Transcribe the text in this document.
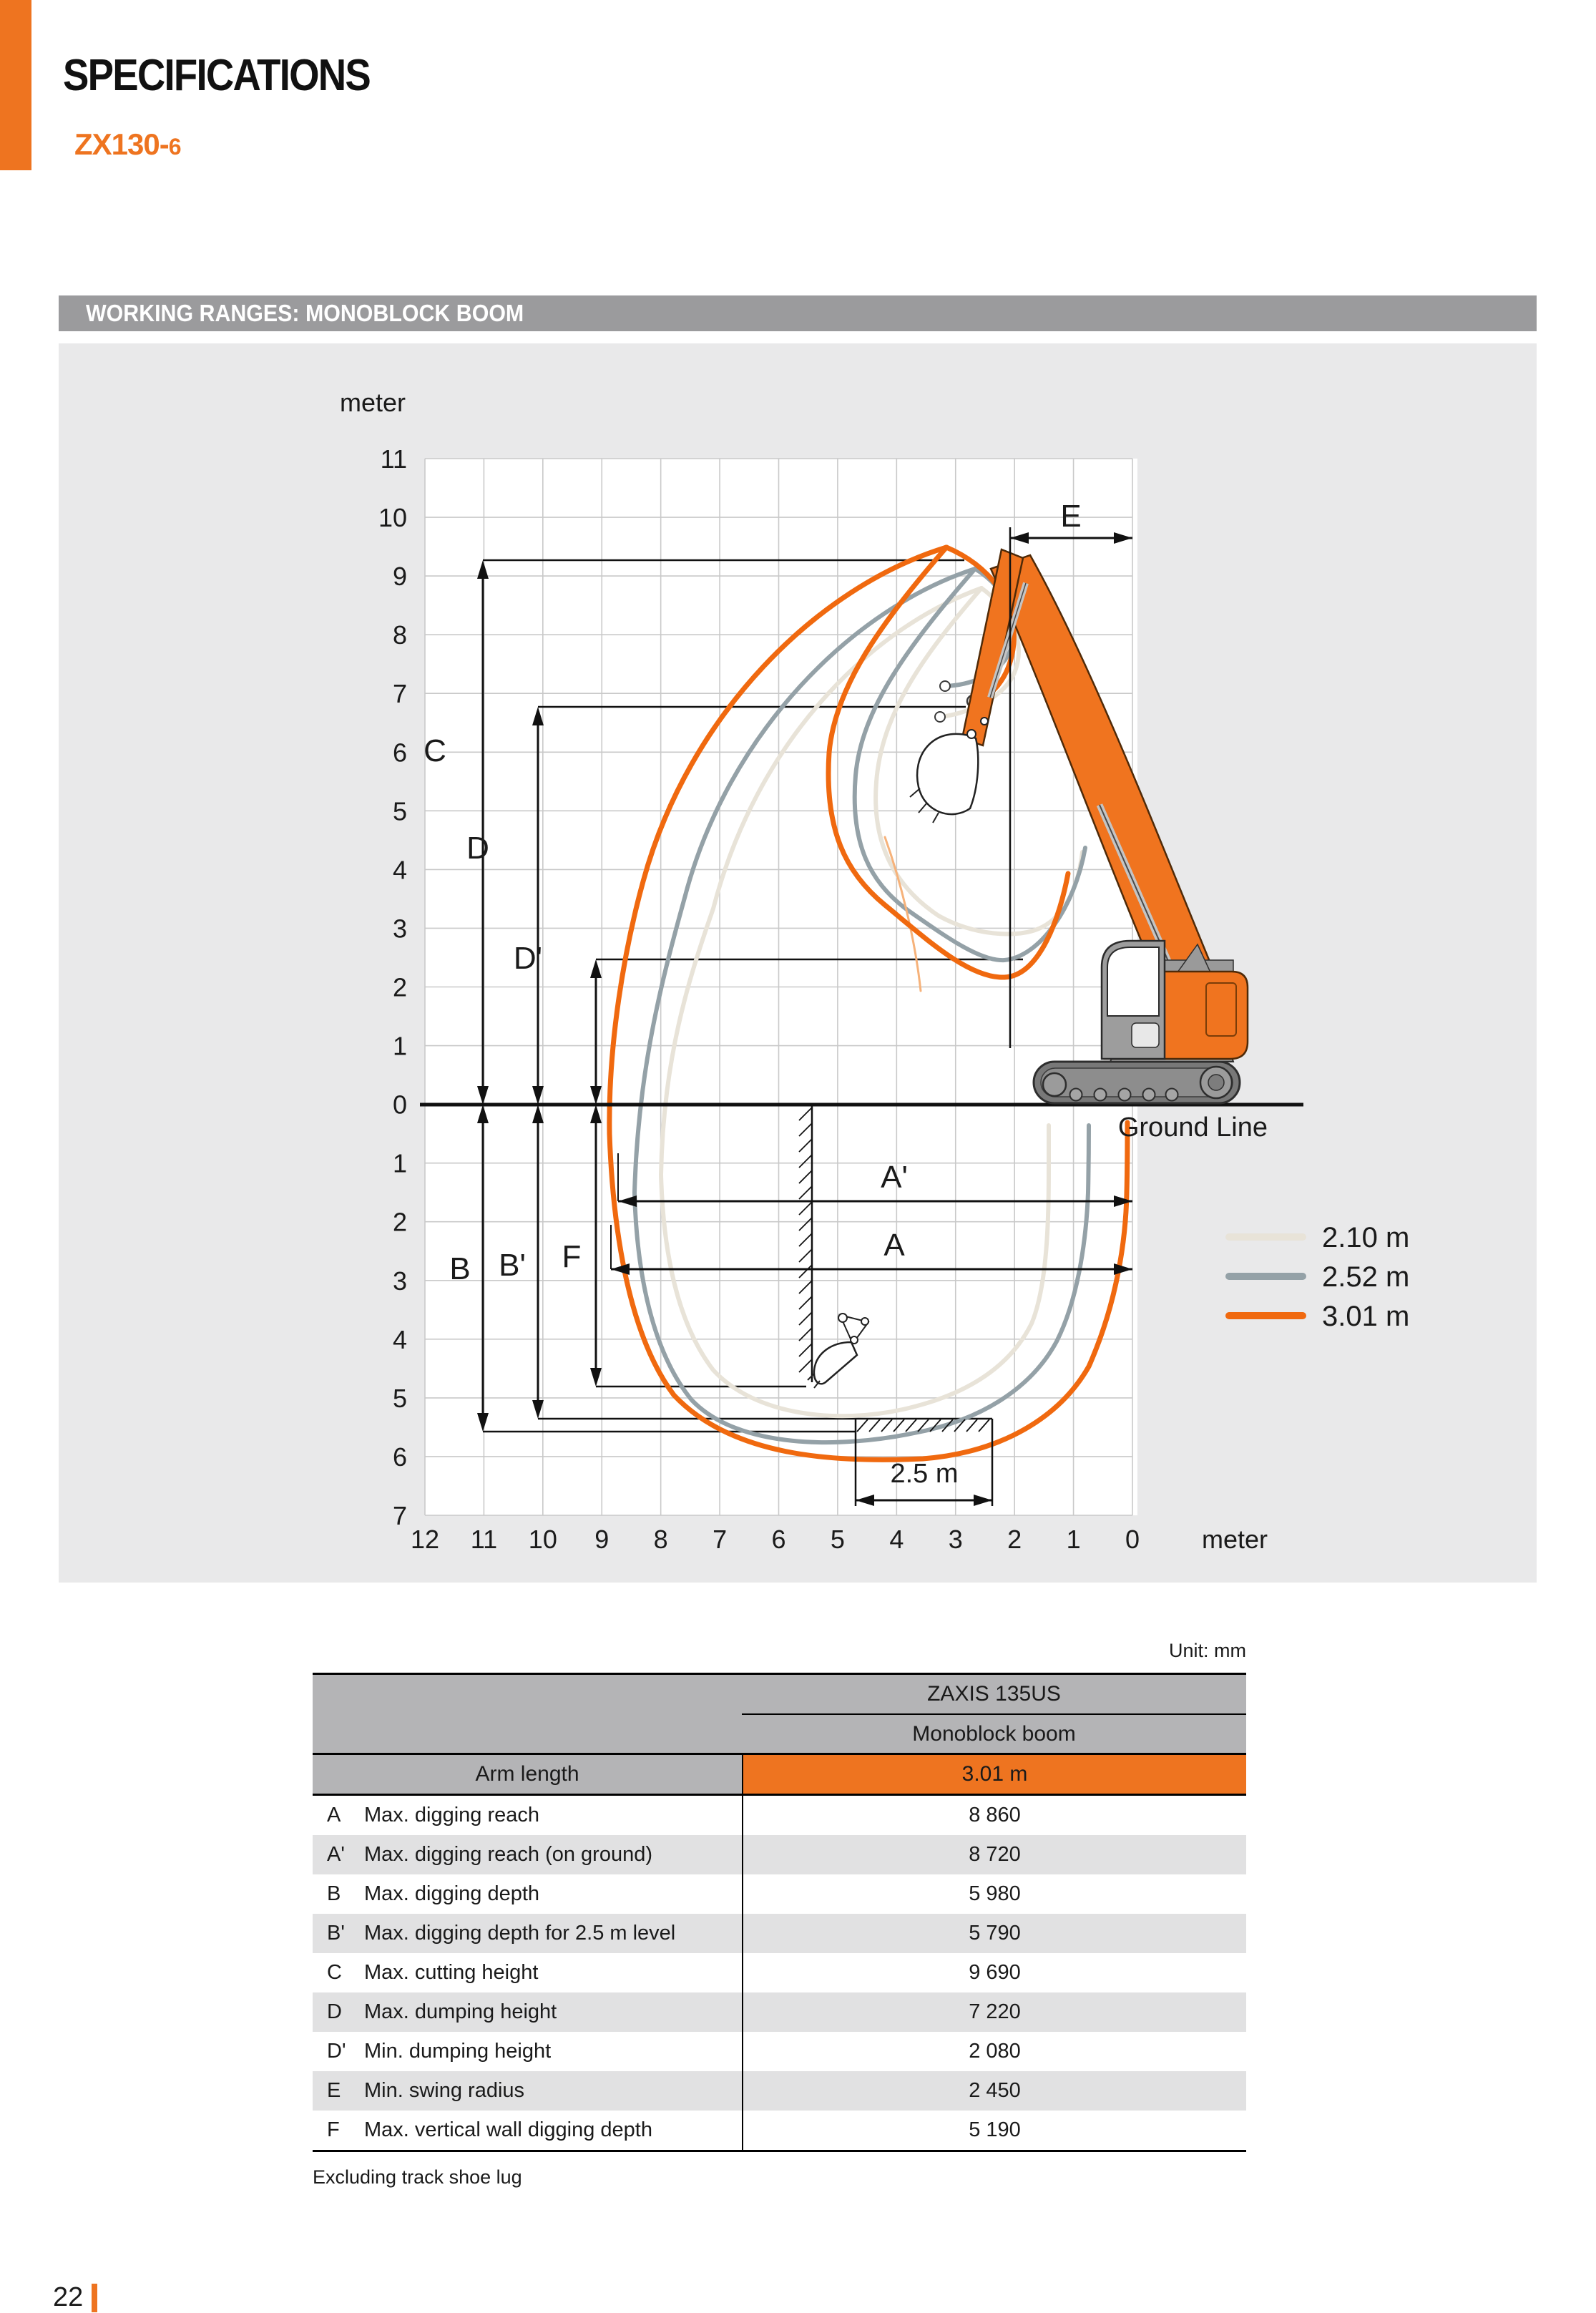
SPECIFICATIONS
ZX130-6
WORKING RANGES: MONOBLOCK BOOM
meter
meter
11
10
9
8
7
6
5
4
3
2
1
0
1
2
3
4
5
6
7
12 11 10 9 8 7 6 5 4 3 2 1 0
C
D
D'
B B' F
A'
A
E
Ground Line
2.5 m
2.10 m
2.52 m
3.01 m
Unit: mm
ZAXIS 135US
Monoblock boom
Arm length	3.01 m
A	Max. digging reach	8 860
A' Max. digging reach (on ground)	8 720
B	Max. digging depth	5 980
B' Max. digging depth for 2.5 m level	5 790
C	Max. cutting height	9 690
D	Max. dumping height	7 220
D' Min. dumping height	2 080
E	Min. swing radius	2 450
F	Max. vertical wall digging depth	5 190
Excluding track shoe lug
22
